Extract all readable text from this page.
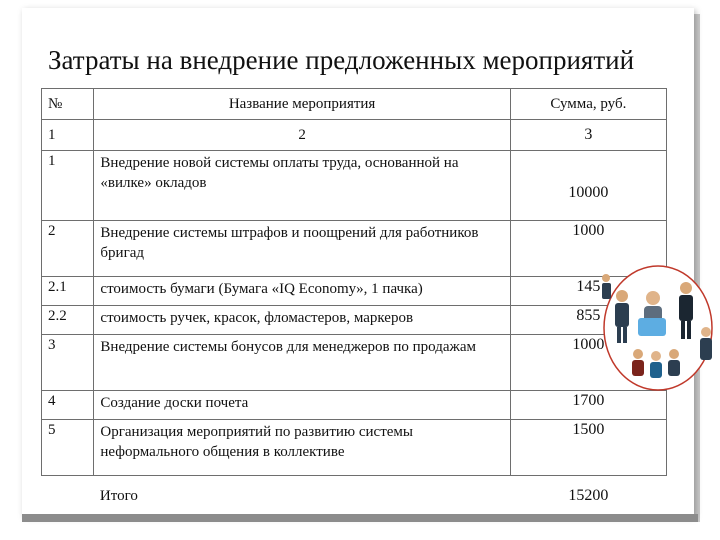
Затраты на внедрение предложенных мероприятий
№	Название мероприятия	Сумма, руб.
1	2	3
1	Внедрение новой системы оплаты труда, основанной на «вилке» окладов	10000
2	Внедрение системы штрафов и поощрений для работников бригад	1000
2.1	стоимость бумаги (Бумага «IQ Economy», 1 пачка)	145
2.2	стоимость ручек, красок, фломастеров, маркеров	855
3	Внедрение системы бонусов для менеджеров по продажам	1000
4	Создание доски почета	1700
5	Организация мероприятий по развитию системы неформального общения в коллективе	1500
	Итого	15200
